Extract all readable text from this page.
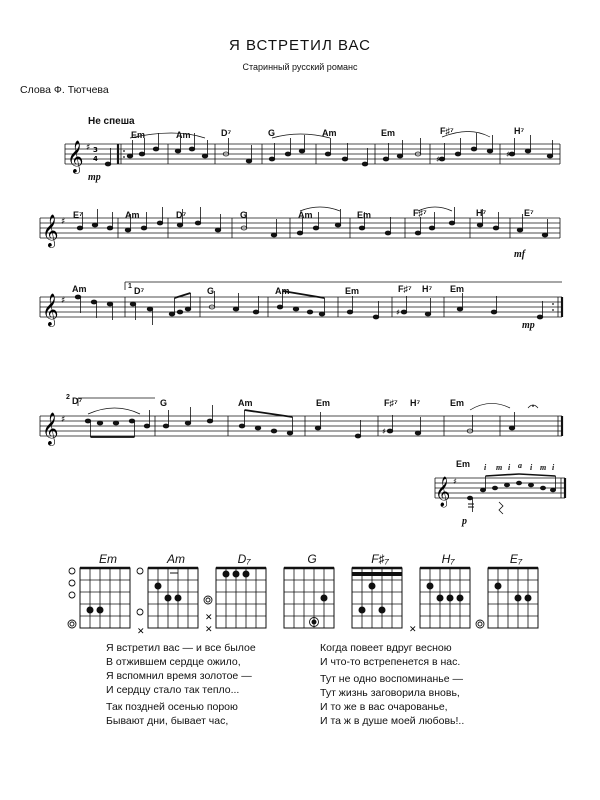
Я ВСТРЕТИЛ ВАС
Старинный русский романс
Слова Ф. Тютчева
Не спеша
𝄞 ♯ 3
4	♯
♯
Em	Am	D⁷	G	Am	Em	F♯⁷	H⁷
mp
𝄞 ♯
E⁷	Am	D⁷	G	Am	Em	F♯⁷	H⁷	E⁷
mf
𝄞 ♯
♯
Am	1 D⁷	G	Am	Em	F♯⁷ H⁷ Em
mp
𝄞 ♯
♯
2 D⁷	G	Am	Em	F♯⁷ H⁷	Em
𝄞 ♯
Em i m i a i m i
p
Em	Am	D₇	G	F♯₇	H₇	E₇
✕
✕
✕	✕
Я встретил вас — и все былое
В отжившем сердце ожило,
Я вспомнил время золотое —
И сердцу стало так тепло...
Так поздней осенью порою
Бывают дни, бывает час,
Когда повеет вдруг весною
И что-то встрепенется в нас.
Тут не одно воспоминанье —
Тут жизнь заговорила вновь,
И то же в вас очарованье,
И та ж в душе моей любовь!..
